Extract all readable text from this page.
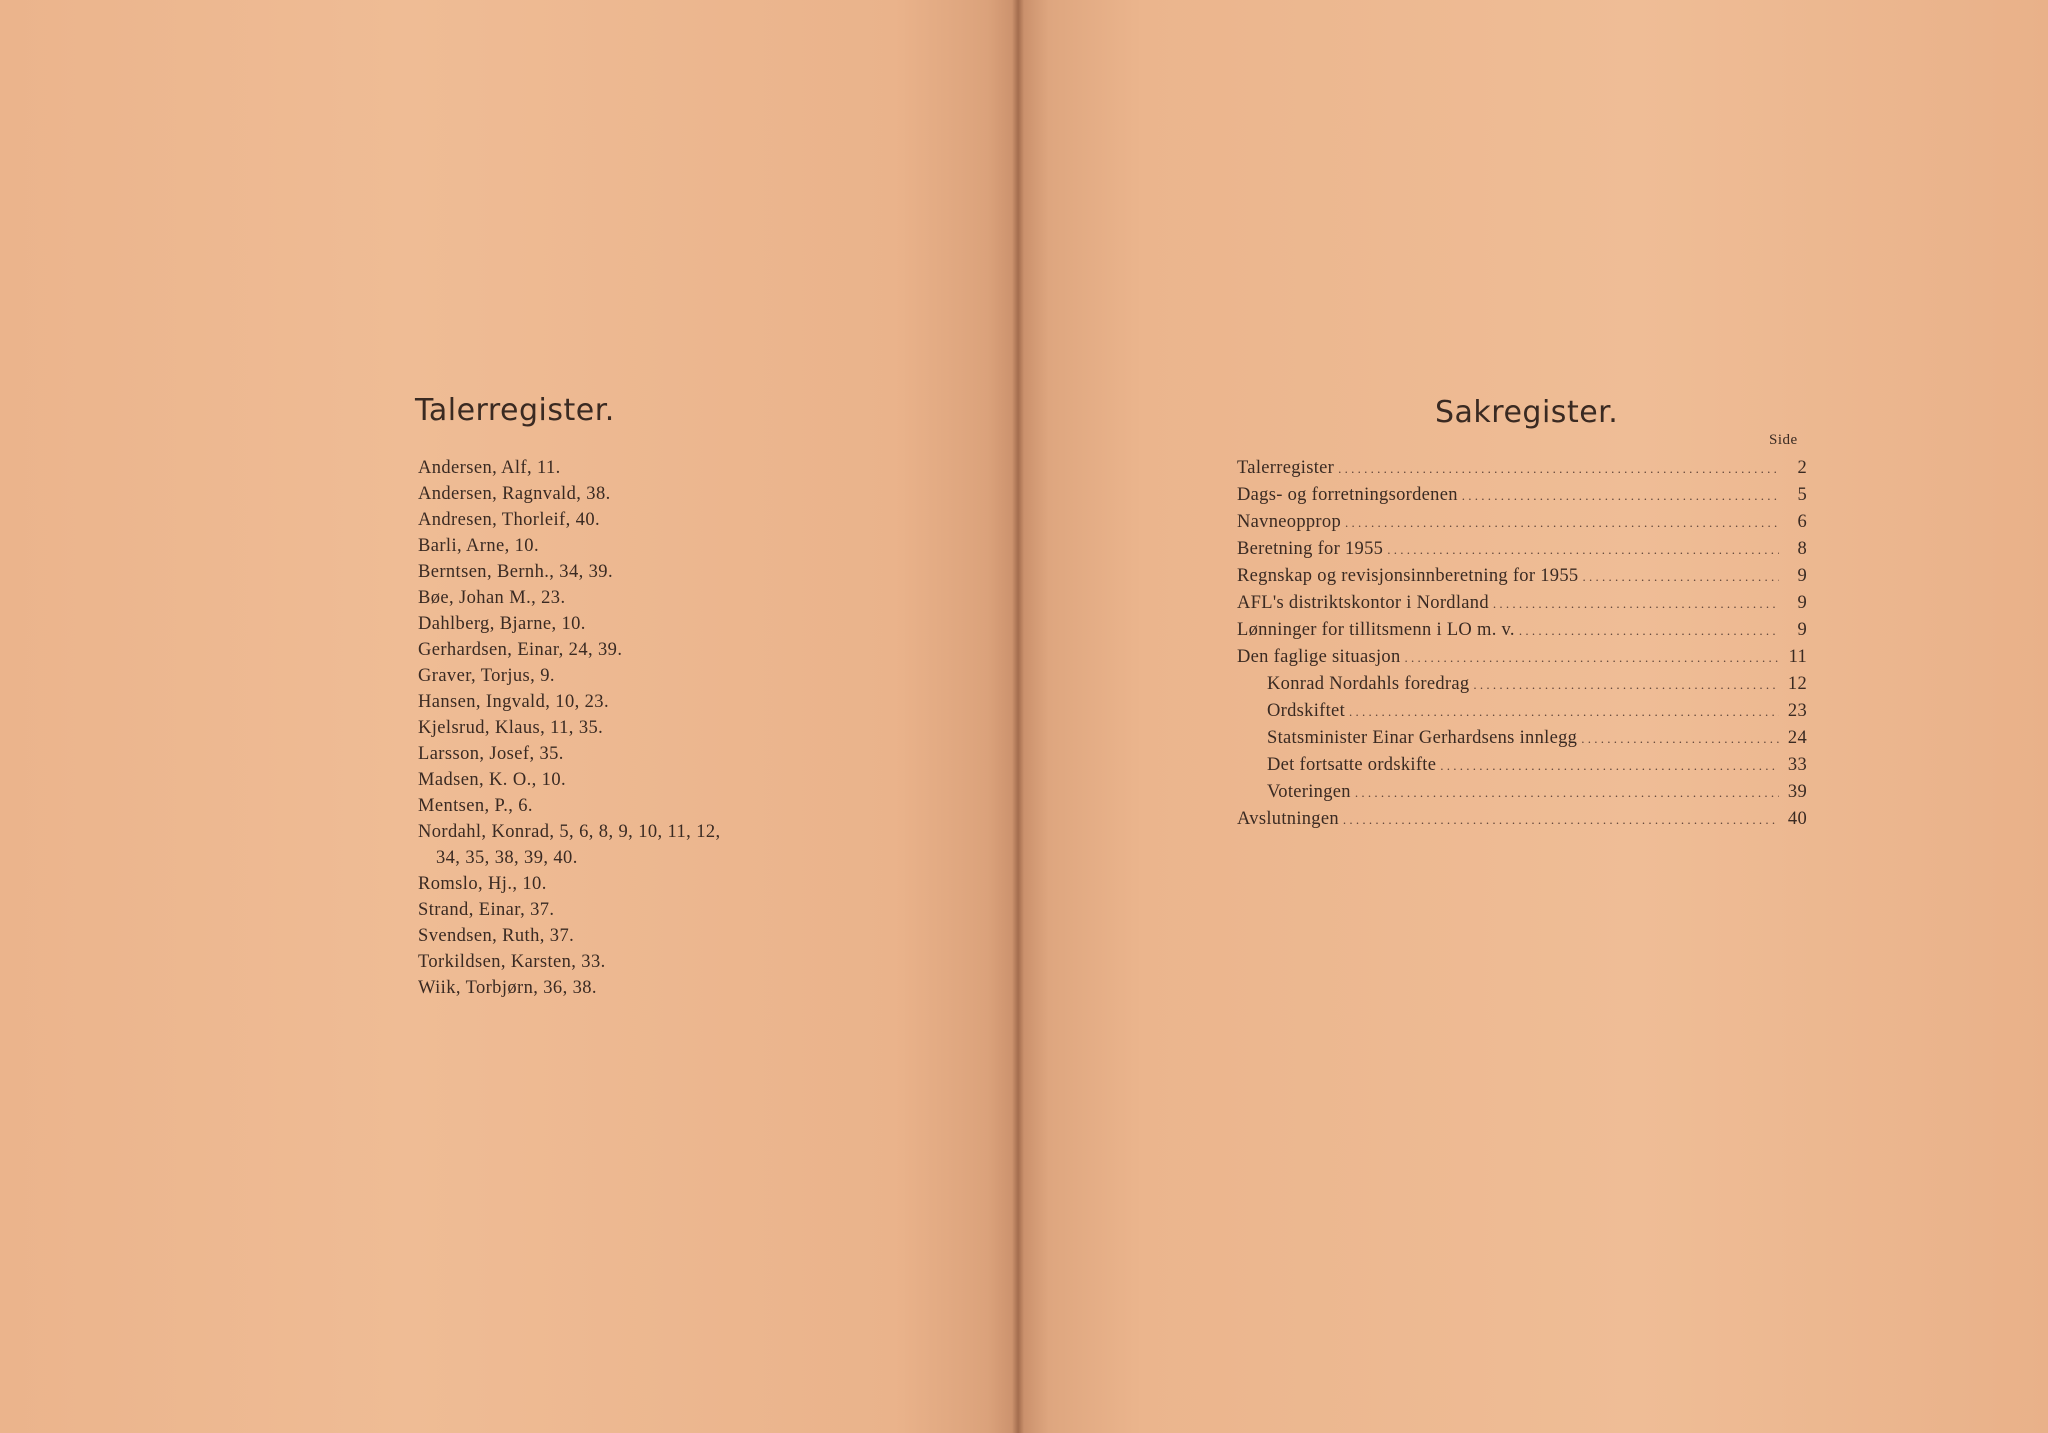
Talerregister.
Andersen, Alf, 11.
Andersen, Ragnvald, 38.
Andresen, Thorleif, 40.
Barli, Arne, 10.
Berntsen, Bernh., 34, 39.
Bøe, Johan M., 23.
Dahlberg, Bjarne, 10.
Gerhardsen, Einar, 24, 39.
Graver, Torjus, 9.
Hansen, Ingvald, 10, 23.
Kjelsrud, Klaus, 11, 35.
Larsson, Josef, 35.
Madsen, K. O., 10.
Mentsen, P., 6.
Nordahl, Konrad, 5, 6, 8, 9, 10, 11, 12,
34, 35, 38, 39, 40.
Romslo, Hj., 10.
Strand, Einar, 37.
Svendsen, Ruth, 37.
Torkildsen, Karsten, 33.
Wiik, Torbjørn, 36, 38.
Sakregister.
Side
Talerregister . . .	2
Dags- og forretningsordenen . . .	5
Navneopprop . . .	6
Beretning for 1955 . . .	8
Regnskap og revisjonsinnberetning for 1955 . . .	9
AFL's distriktskontor i Nordland . . .	9
Lønninger for tillitsmenn i LO m. v. . . .	9
Den faglige situasjon . . .	11
Konrad Nordahls foredrag . . .	12
Ordskiftet . . .	23
Statsminister Einar Gerhardsens innlegg . . .	24
Det fortsatte ordskifte . . .	33
Voteringen . . .	39
Avslutningen . . .	40
